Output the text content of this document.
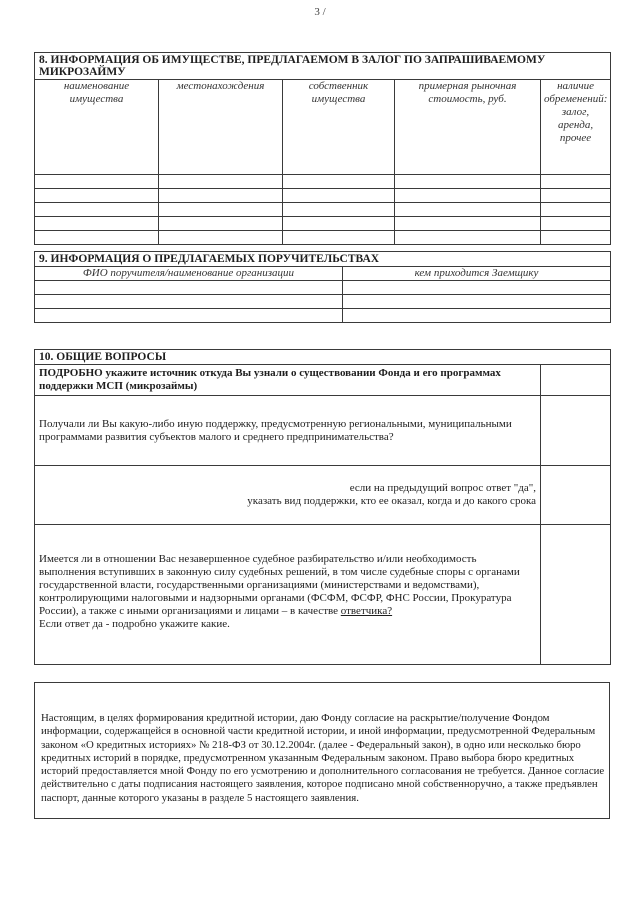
3 /
8. ИНФОРМАЦИЯ ОБ ИМУЩЕСТВЕ, ПРЕДЛАГАЕМОМ В ЗАЛОГ ПО ЗАПРАШИВАЕМОМУ МИКРОЗАЙМУ				
наименование имущества	местонахождения	собственник имущества	примерная рыночная стоимость, руб.	наличие обременений: залог, аренда, прочее

9. ИНФОРМАЦИЯ О ПРЕДЛАГАЕМЫХ ПОРУЧИТЕЛЬСТВАХ	
ФИО поручителя/наименование организации	кем приходится Заемщику

10. ОБЩИЕ ВОПРОСЫ	
ПОДРОБНО укажите источник откуда Вы узнали о существовании Фонда и его программах поддержки МСП (микрозаймы)	
Получали ли Вы какую-либо иную поддержку, предусмотренную региональными, муниципальными программами развития субъектов малого и среднего предпринимательства?	

если на предыдущий вопрос ответ "да",
указать вид поддержки, кто ее оказал, когда и до какого срока	

Имеется ли в отношении Вас незавершенное судебное разбирательство и/или необходимость выполнения вступивших в законную силу судебных решений, в том числе судебные споры с органами государственной власти, государственными организациями (министерствами и ведомствами), контролирующими налоговыми и надзорными органами (ФСФМ, ФСФР, ФНС России, Прокуратура России), а также с иными организациями и лицами – в качестве ответчика?
Если ответ да - подробно укажите какие.	
Настоящим, в целях формирования кредитной истории, даю Фонду согласие на раскрытие/получение Фондом информации, содержащейся в основной части кредитной истории, и иной информации, предусмотренной Федеральным законом «О кредитных историях» № 218-ФЗ от 30.12.2004г. (далее - Федеральный закон), в одно или несколько бюро кредитных историй в порядке, предусмотренном указанным Федеральным законом. Право выбора бюро кредитных историй предоставляется мной Фонду по его усмотрению и дополнительного согласования не требуется. Данное согласие действительно с даты подписания настоящего заявления, которое подписано мной собственноручно, а также предъявлен паспорт, данные которого указаны в разделе 5 настоящего заявления.
